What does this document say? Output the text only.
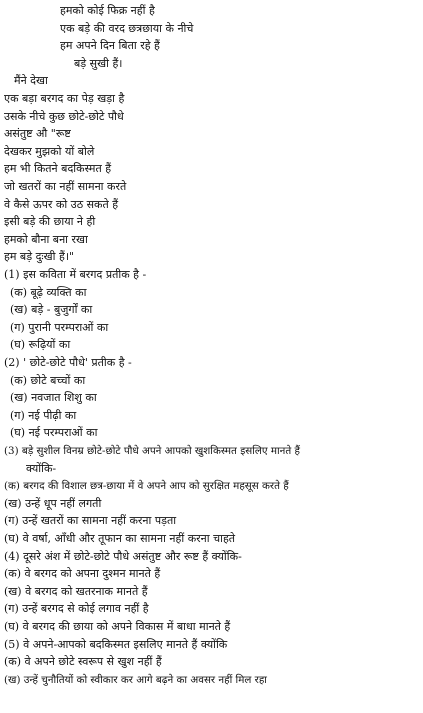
हमको कोई फिक्र नहीं है
एक बड़े की वरद छत्रछाया के नीचे
हम अपने दिन बिता रहे हैं
बड़े सुखी हैं।
मैंने देखा
एक बड़ा बरगद का पेड़ खड़ा है
उसके नीचे कुछ छोटे-छोटे पौधे
असंतुष्ट औ "रूष्ट
देखकर मुझको यों बोले
हम भी कितने बदकिस्मत हैं
जो खतरों का नहीं सामना करते
वे कैसे ऊपर को उठ सकते हैं
इसी बड़े की छाया ने ही
हमको बौना बना रखा
हम बड़े दुःखी हैं।"
(1) इस कविता में बरगद प्रतीक है -
(क) बूढ़े व्यक्ति का
(ख) बड़े - बुजुर्गों का
(ग) पुरानी परम्पराओं का
(घ) रूढ़ियों का
(2) ' छोटे-छोटे पौधे' प्रतीक है -
(क) छोटे बच्चों का
(ख) नवजात शिशु का
(ग) नई पीढ़ी का
(घ) नई परम्पराओं का
(3) बड़े सुशील विनम्र छोटे-छोटे पौधे अपने आपको खुशकिस्मत इसलिए मानते हैं
क्योंकि-
(क) बरगद की विशाल छत्र-छाया में वे अपने आप को सुरक्षित महसूस करते हैं
(ख) उन्हें धूप नहीं लगती
(ग) उन्हें खतरों का सामना नहीं करना पड़ता
(घ) वे वर्षा, आँधी और तूफान का सामना नहीं करना चाहते
(4) दूसरे अंश में छोटे-छोटे पौधे असंतुष्ट और रूष्ट हैं क्योंकि-
(क) वे बरगद को अपना दुश्मन मानते हैं
(ख) वे बरगद को खतरनाक मानते हैं
(ग) उन्हें बरगद से कोई लगाव नहीं है
(घ) वे बरगद की छाया को अपने विकास में बाधा मानते हैं
(5) वे अपने-आपको बदकिस्मत इसलिए मानते हैं क्योंकि
(क) वे अपने छोटे स्वरूप से खुश नहीं हैं
(ख) उन्हें चुनौतियों को स्वीकार कर आगे बढ़ने का अवसर नहीं मिल रहा
